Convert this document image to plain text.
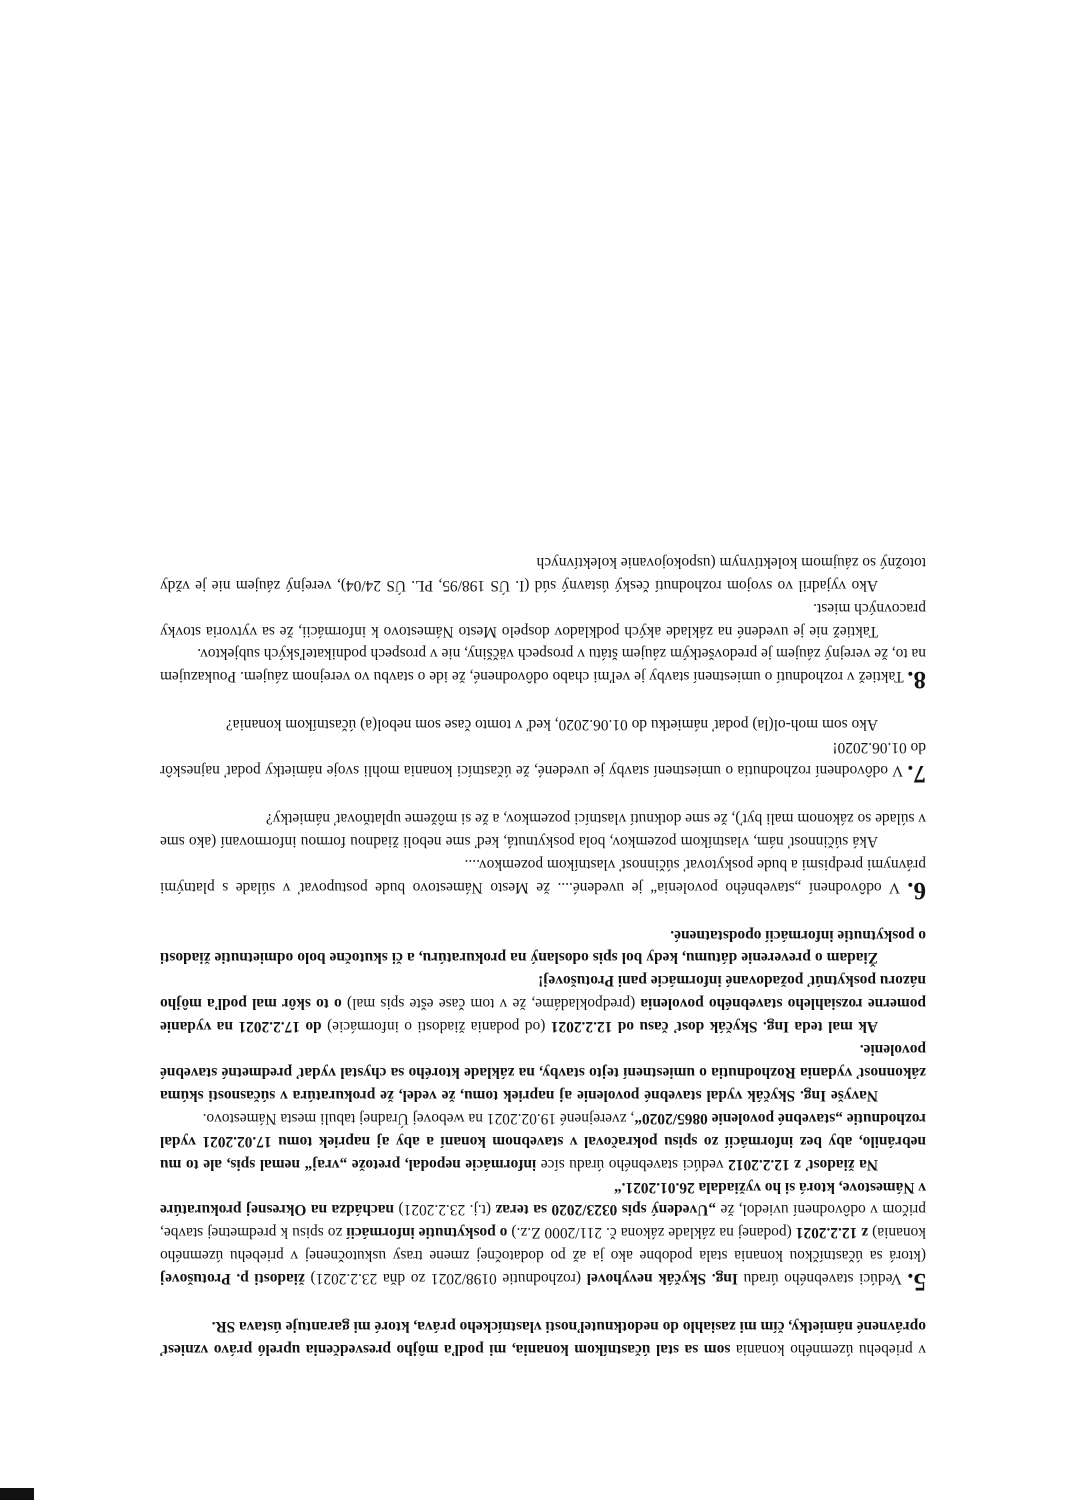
v priebehu územného konania som sa stal účastníkom konania, mi podľa môjho presvedčenia upreló právo vzniesť oprávnené námietky, čím mi zasiahlo do nedotknuteľnosti vlastníckeho práva, ktoré mi garantuje ústava SR.

5. Vedúci stavebného úradu Ing. Skyčák nevyhovel (rozhodnutie 0198/2021 zo dňa 23.2.2021) žiadosti p. Protušovej (ktorá sa účastníčkou konania stala podobne ako ja až po dodatočnej zmene trasy uskutočnenej v priebehu územného konania) z 12.2.2021 (podanej na základe zákona č. 211/2000 Z.z.) o poskytnutie informácií zo spisu k predmetnej stavbe, pričom v odôvodnení uviedol, že „Uvedený spis 0323/2020 sa teraz (t.j. 23.2.2021) nachádza na Okresnej prokuratúre v Námestove, ktorá si ho vyžiadala 26.01.2021.“

Na žiadosť z 12.2.2012 vedúci stavebného úradu síce informácie nepodal, pretože „vraj“ nemal spis, ale to mu nebránilo, aby bez informácií zo spisu pokračoval v stavebnom konaní a aby aj napriek tomu 17.02.2021 vydal rozhodnutie „stavebné povolenie 0865/2020“, zverejnené 19.02.2021 na webovej Úradnej tabuli mesta Námestovo.

Navyše Ing. Skyčák vydal stavebné povolenie aj napriek tomu, že vedel, že prokuratúra v súčasnosti skúma zákonnosť vydania Rozhodnutia o umiestnení tejto stavby, na základe ktorého sa chystal vydať predmetné stavebné povolenie.

Ak mal teda Ing. Skyčák dosť času od 12.2.2021 (od podania žiadosti o informácie) do 17.2.2021 na vydanie pomerne rozsiahleho stavebného povolenia (predpokladáme, že v tom čase ešte spis mal) o to skôr mal podľa môjho názoru poskytnúť požadované informácie pani Protušovej!

Žiadam o preverenie dátumu, kedy bol spis odoslaný na prokuratúru, a či skutočne bolo odmietnutie žiadosti o poskytnutie informácií opodstatnené.

6. V odôvodnení „stavebného povolenia“ je uvedené.... že Mesto Námestovo bude postupovať v súlade s platnými právnymi predpismi a bude poskytovať súčinnosť vlastníkom pozemkov....

Aká súčinnosť nám, vlastníkom pozemkov, bola poskytnutá, keď sme neboli žiadnou formou informovaní (ako sme v súlade so zákonom mali byť), že sme dotknutí vlastníci pozemkov, a že si môžeme uplatňovať námietky?

7. V odôvodnení rozhodnutia o umiestnení stavby je uvedené, že účastníci konania mohli svoje námietky podať najneskôr do 01.06.2020!

Ako som moh-ol(la) podať námietku do 01.06.2020, keď v tomto čase som nebol(a) účastníkom konania?

8. Taktiež v rozhodnutí o umiestnení stavby je veľmi chabo odôvodnené, že ide o stavbu vo verejnom záujem. Poukazujem na to, že verejný záujem je predovšetkým záujem štátu v prospech väčšiny, nie v prospech podnikateľských subjektov.

Taktiež nie je uvedené na základe akých podkladov dospelo Mesto Námestovo k informácii, že sa vytvoria stovky pracovných miest.

Ako vyjadril vo svojom rozhodnutí český ústavný súd (I. ÚS 198/95, PL. ÚS 24/04), verejný záujem nie je vždy totožný so záujmom kolektívnym (uspokojovanie kolektívnych
